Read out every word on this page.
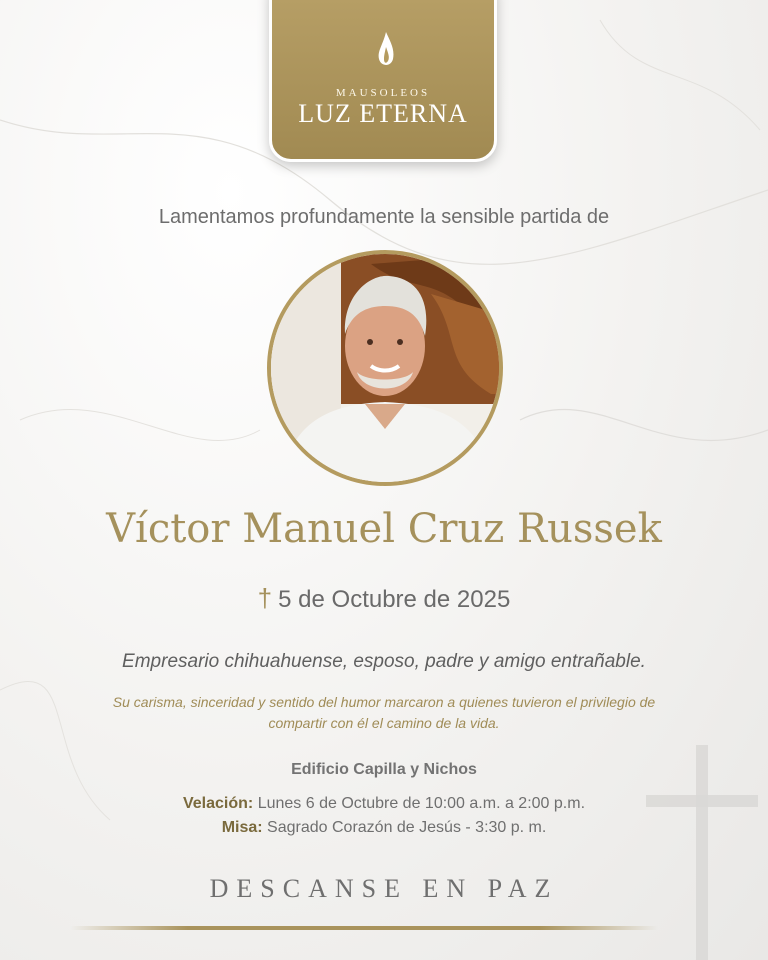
MAUSOLEOS
LUZ ETERNA
Lamentamos profundamente la sensible partida de
Víctor Manuel Cruz Russek
† 5 de Octubre de 2025
Empresario chihuahuense, esposo, padre y amigo entrañable.
Su carisma, sinceridad y sentido del humor marcaron a quienes tuvieron el privilegio de
compartir con él el camino de la vida.
Edificio Capilla y Nichos
Velación: Lunes 6 de Octubre de 10:00 a.m. a 2:00 p.m.
Misa: Sagrado Corazón de Jesús - 3:30 p. m.
DESCANSE EN PAZ
